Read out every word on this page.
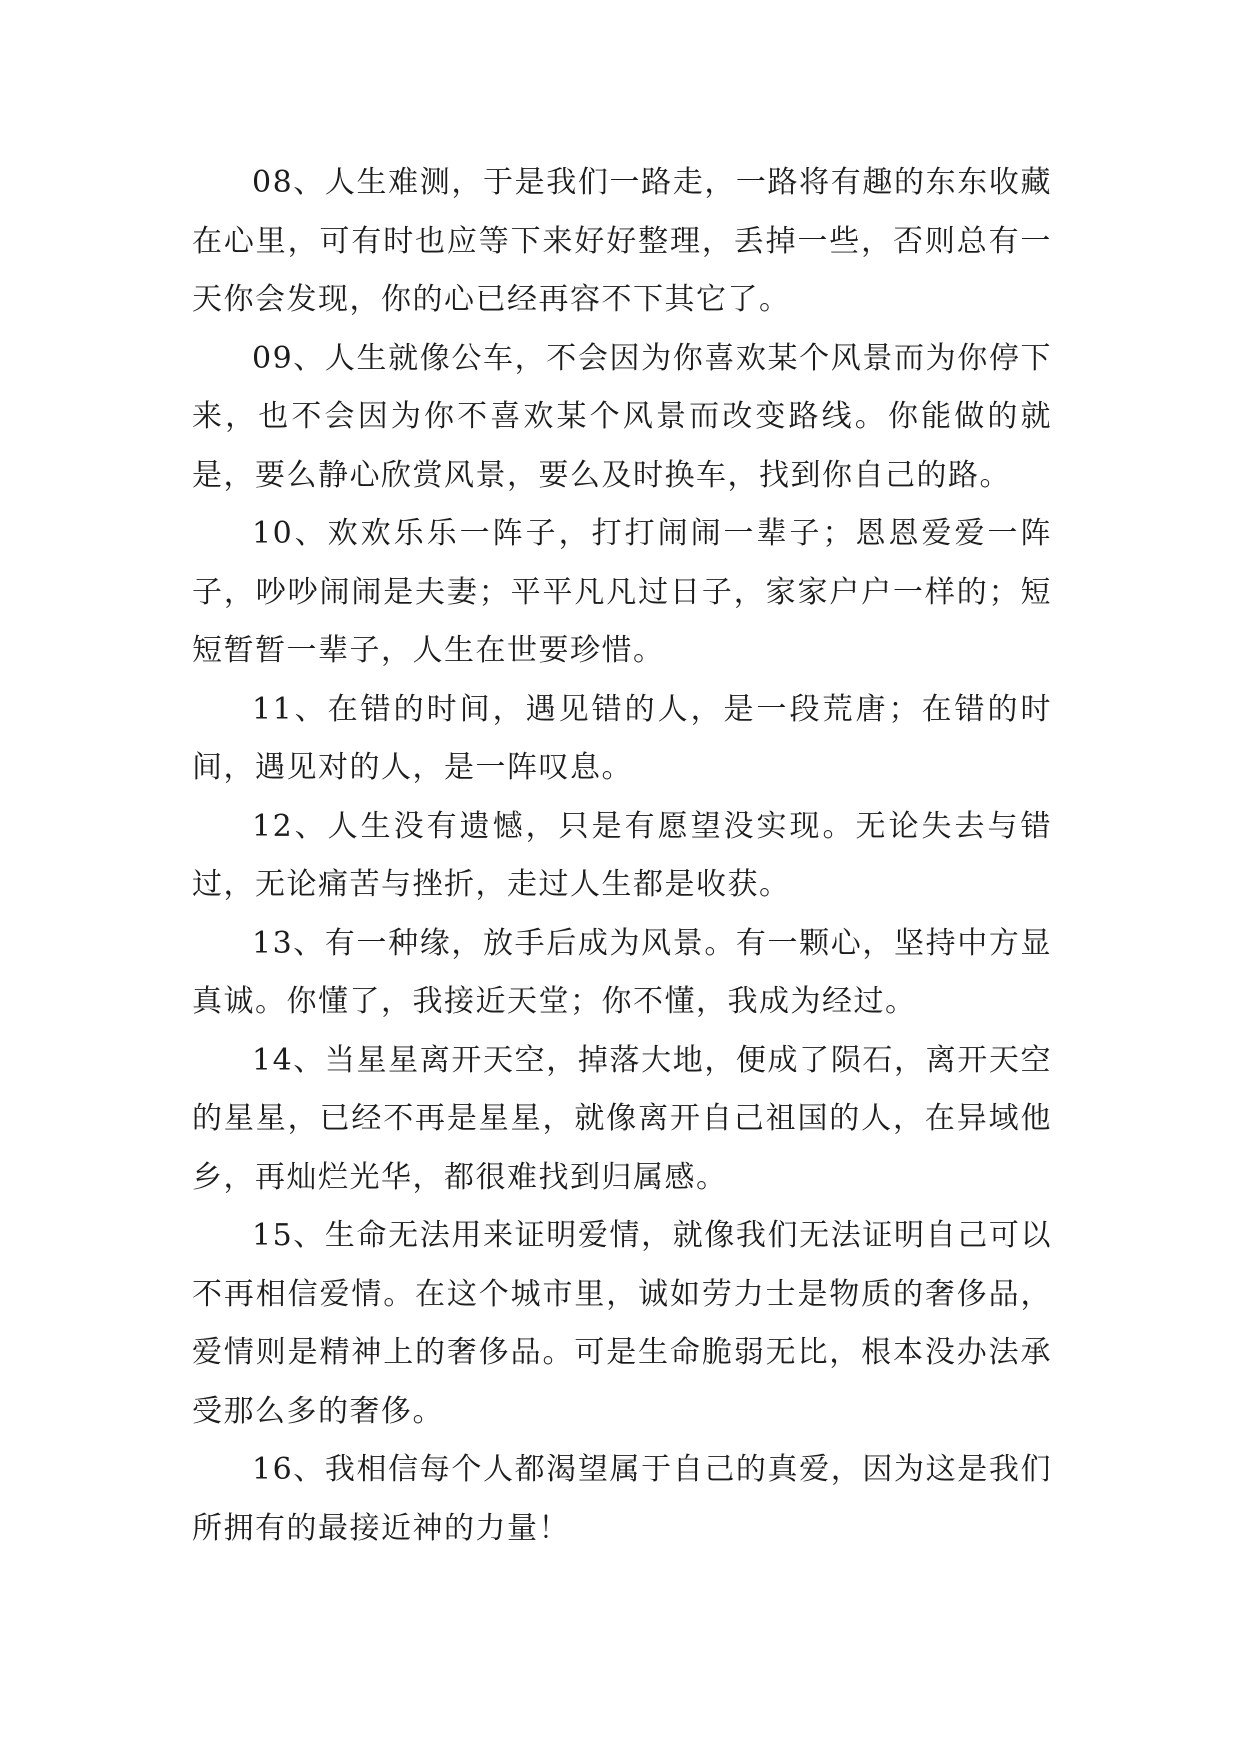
08、人生难测，于是我们一路走，一路将有趣的东东收藏在心里，可有时也应等下来好好整理，丢掉一些，否则总有一天你会发现，你的心已经再容不下其它了。

09、人生就像公车，不会因为你喜欢某个风景而为你停下来，也不会因为你不喜欢某个风景而改变路线。你能做的就是，要么静心欣赏风景，要么及时换车，找到你自己的路。

10、欢欢乐乐一阵子，打打闹闹一辈子；恩恩爱爱一阵子，吵吵闹闹是夫妻；平平凡凡过日子，家家户户一样的；短短暂暂一辈子，人生在世要珍惜。

11、在错的时间，遇见错的人，是一段荒唐；在错的时间，遇见对的人，是一阵叹息。

12、人生没有遗憾，只是有愿望没实现。无论失去与错过，无论痛苦与挫折，走过人生都是收获。

13、有一种缘，放手后成为风景。有一颗心，坚持中方显真诚。你懂了，我接近天堂；你不懂，我成为经过。

14、当星星离开天空，掉落大地，便成了陨石，离开天空的星星，已经不再是星星，就像离开自己祖国的人，在异域他乡，再灿烂光华，都很难找到归属感。

15、生命无法用来证明爱情，就像我们无法证明自己可以不再相信爱情。在这个城市里，诚如劳力士是物质的奢侈品，爱情则是精神上的奢侈品。可是生命脆弱无比，根本没办法承受那么多的奢侈。

16、我相信每个人都渴望属于自己的真爱，因为这是我们所拥有的最接近神的力量！
